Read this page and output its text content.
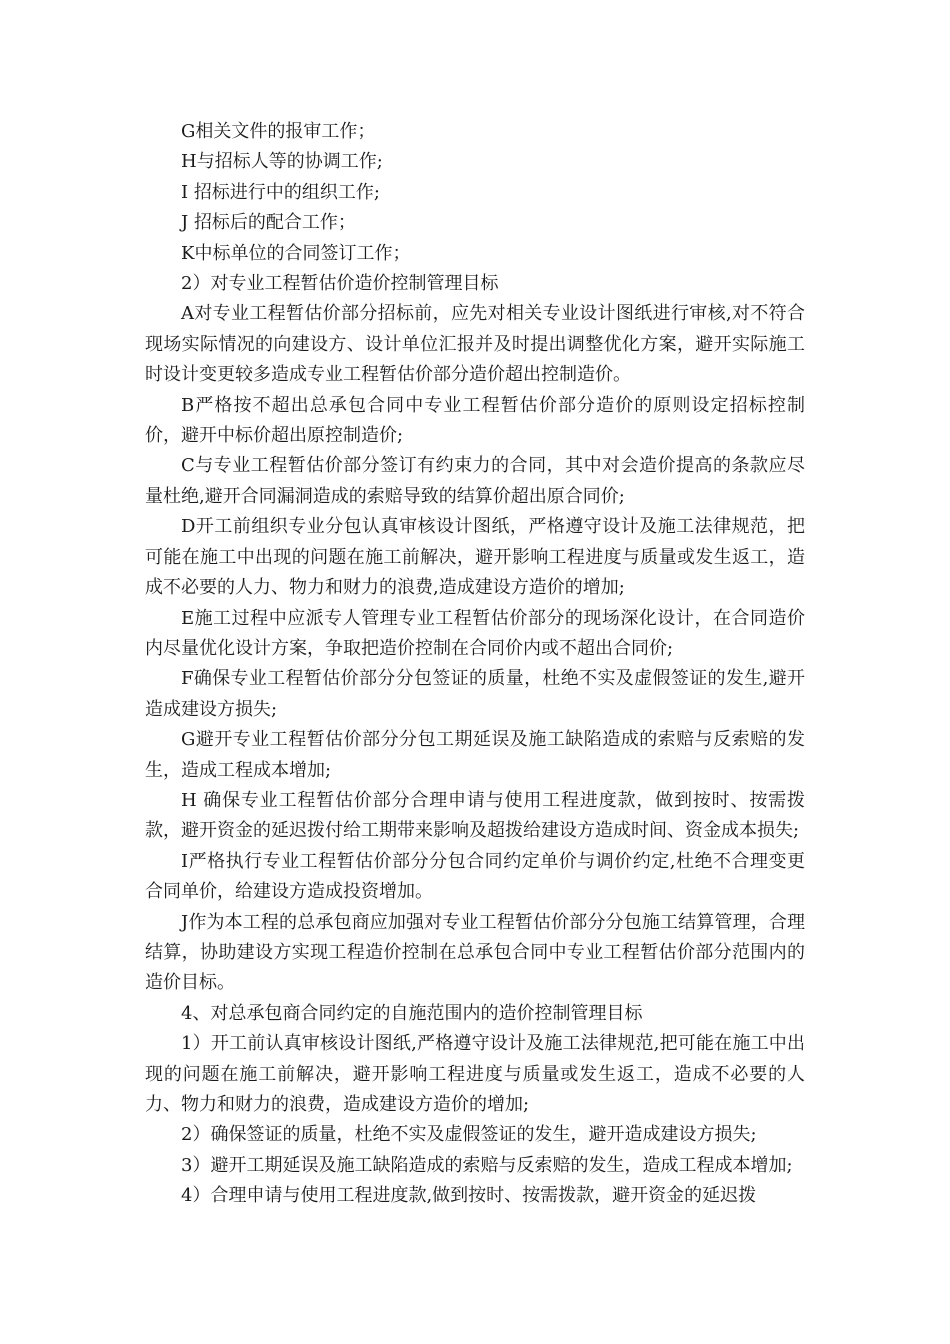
G相关文件的报审工作；

H与招标人等的协调工作;

I 招标进行中的组织工作;

J 招标后的配合工作；

K中标单位的合同签订工作；

2）对专业工程暂估价造价控制管理目标

A对专业工程暂估价部分招标前，应先对相关专业设计图纸进行审核,对不符合现场实际情况的向建设方、设计单位汇报并及时提出调整优化方案，避开实际施工时设计变更较多造成专业工程暂估价部分造价超出控制造价。

B严格按不超出总承包合同中专业工程暂估价部分造价的原则设定招标控制价，避开中标价超出原控制造价;

C与专业工程暂估价部分签订有约束力的合同，其中对会造价提高的条款应尽量杜绝,避开合同漏洞造成的索赔导致的结算价超出原合同价;

D开工前组织专业分包认真审核设计图纸，严格遵守设计及施工法律规范，把可能在施工中出现的问题在施工前解决，避开影响工程进度与质量或发生返工，造成不必要的人力、物力和财力的浪费,造成建设方造价的增加;

E施工过程中应派专人管理专业工程暂估价部分的现场深化设计，在合同造价内尽量优化设计方案，争取把造价控制在合同价内或不超出合同价;

F确保专业工程暂估价部分分包签证的质量，杜绝不实及虚假签证的发生,避开造成建设方损失;

G避开专业工程暂估价部分分包工期延误及施工缺陷造成的索赔与反索赔的发生，造成工程成本增加;

H 确保专业工程暂估价部分合理申请与使用工程进度款，做到按时、按需拨款，避开资金的延迟拨付给工期带来影响及超拨给建设方造成时间、资金成本损失;

I严格执行专业工程暂估价部分分包合同约定单价与调价约定,杜绝不合理变更合同单价，给建设方造成投资增加。

J作为本工程的总承包商应加强对专业工程暂估价部分分包施工结算管理，合理结算，协助建设方实现工程造价控制在总承包合同中专业工程暂估价部分范围内的造价目标。

4、对总承包商合同约定的自施范围内的造价控制管理目标

1）开工前认真审核设计图纸,严格遵守设计及施工法律规范,把可能在施工中出现的问题在施工前解决，避开影响工程进度与质量或发生返工，造成不必要的人力、物力和财力的浪费，造成建设方造价的增加;

2）确保签证的质量，杜绝不实及虚假签证的发生，避开造成建设方损失;

3）避开工期延误及施工缺陷造成的索赔与反索赔的发生，造成工程成本增加;

4）合理申请与使用工程进度款,做到按时、按需拨款，避开资金的延迟拨
